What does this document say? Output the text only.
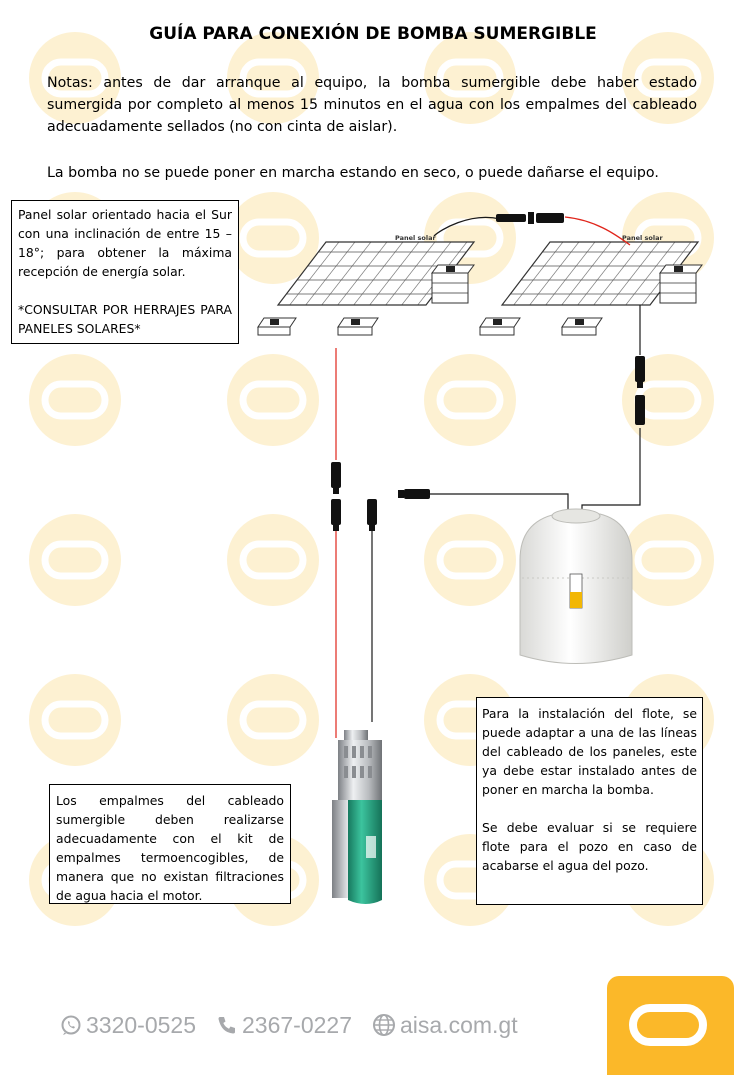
GUÍA PARA CONEXIÓN DE BOMBA SUMERGIBLE
Notas: antes de dar arranque al equipo, la bomba sumergible debe haber estado sumergida por completo al menos 15 minutos en el agua con los empalmes del cableado adecuadamente sellados (no con cinta de aislar).
La bomba no se puede poner en marcha estando en seco, o puede dañarse el equipo.
Panel solar	Panel solar

Panel solar orientado hacia el Sur con una inclinación de entre 15 – 18°; para obtener la máxima recepción de energía solar.

*CONSULTAR POR HERRAJES PARA PANELES SOLARES*

Los empalmes del cableado sumergible deben realizarse adecuadamente con el kit de empalmes termoencogibles, de manera que no existan filtraciones de agua hacia el motor.

Para la instalación del flote, se puede adaptar a una de las líneas del cableado de los paneles, este ya debe estar instalado antes de poner en marcha la bomba.

Se debe evaluar si se requiere flote para el pozo en caso de acabarse el agua del pozo.

3320-0525 2367-0227 aisa.com.gt
